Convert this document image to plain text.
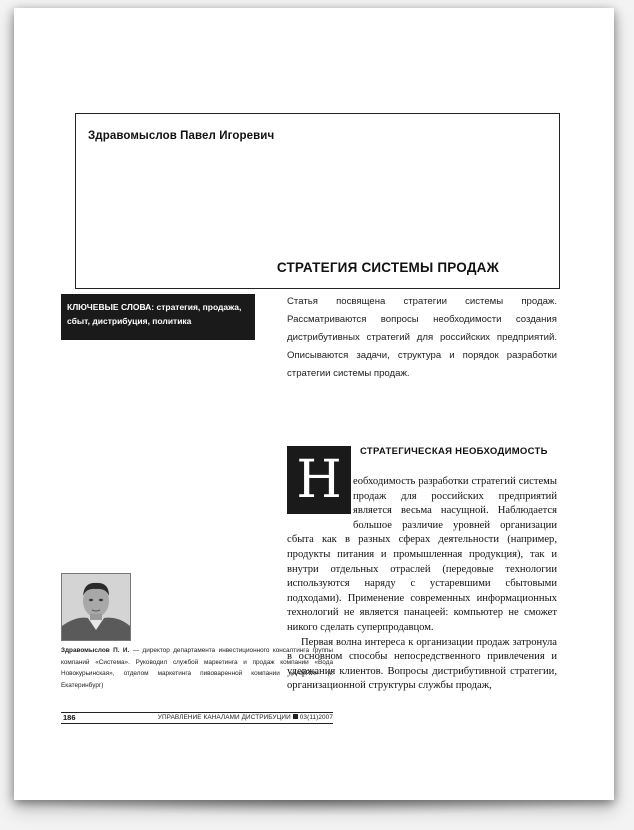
Здравомыслов Павел Игоревич
СТРАТЕГИЯ СИСТЕМЫ ПРОДАЖ
КЛЮЧЕВЫЕ СЛОВА: стратегия, продажа, сбыт, дистрибуция, политика
Статья посвящена стратегии системы продаж. Рассматриваются вопросы необходимости создания дистрибутивных стратегий для российских предприятий. Описываются задачи, структура и порядок разработки стратегии системы продаж.
Н	СТРАТЕГИЧЕСКАЯ НЕОБХОДИМОСТЬ

еобходимость разработки стратегий системы продаж для российских предприятий является весьма насущной. Наблюдается большое различие уровней организации сбыта как в разных сферах деятельности (например, продукты питания и промышленная продукция), так и внутри отдельных отраслей (передовые технологии используются наряду с устаревшими сбытовыми подходами). Применение современных информационных технологий не является панацеей: компьютер не сможет никого сделать суперпродавцом.

Первая волна интереса к организации продаж затронула в основном способы непосредственного привлечения и удержания клиентов. Вопросы дистрибутивной стратегии, организационной структуры службы продаж,

Здравомыслов П. И. — директор департамента инвестиционного консалтинга группы компаний «Система». Руководил службой маркетинга и продаж компании «Вода Новокурьинская», отделом маркетинга пивоваренной компании «КАМПИ» (г. Екатеринбург)
186	УПРАВЛЕНИЕ КАНАЛАМИ ДИСТРИБУЦИИ 03(11)2007
